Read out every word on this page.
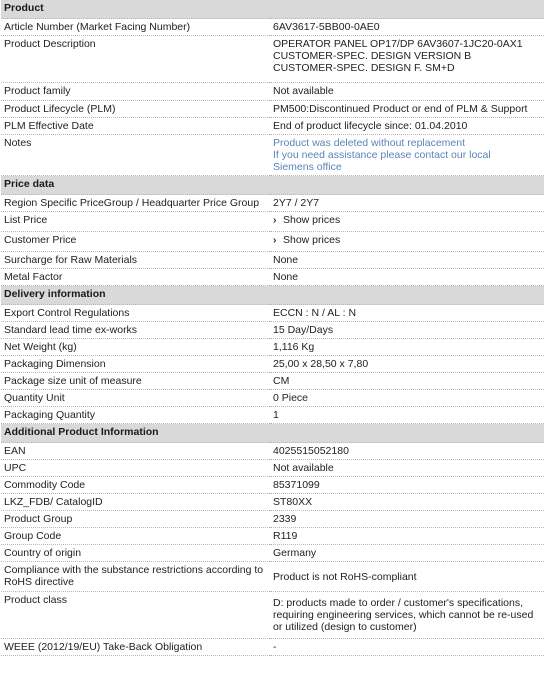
Product	
Article Number (Market Facing Number)	6AV3617-5BB00-0AE0

Product Description	OPERATOR PANEL OP17/DP 6AV3607-1JC20-0AX1
CUSTOMER-SPEC. DESIGN VERSION B
CUSTOMER-SPEC. DESIGN F. SM+D

Product family	Not available

Product Lifecycle (PLM)	PM500:Discontinued Product or end of PLM & Support

PLM Effective Date	End of product lifecycle since: 01.04.2010

Notes	Product was deleted without replacement
If you need assistance please contact our local
Siemens office

Price data	
Region Specific PriceGroup / Headquarter Price Group	2Y7 / 2Y7

List Price	› Show prices
Customer Price	› Show prices
Surcharge for Raw Materials	None

Metal Factor	None

Delivery information	
Export Control Regulations	ECCN : N / AL : N

Standard lead time ex-works	15 Day/Days

Net Weight (kg)	1,116 Kg

Packaging Dimension	25,00 x 28,50 x 7,80

Package size unit of measure	CM

Quantity Unit	0 Piece

Packaging Quantity	1

Additional Product Information	
EAN	4025515052180

UPC	Not available

Commodity Code	85371099

LKZ_FDB/ CatalogID	ST80XX

Product Group	2339

Group Code	R119

Country of origin	Germany

Compliance with the substance restrictions according to RoHS directive	Product is not RoHS-compliant

Product class	D: products made to order / customer's specifications, requiring engineering services, which cannot be re-used or utilized (design to customer)

WEEE (2012/19/EU) Take-Back Obligation	-
